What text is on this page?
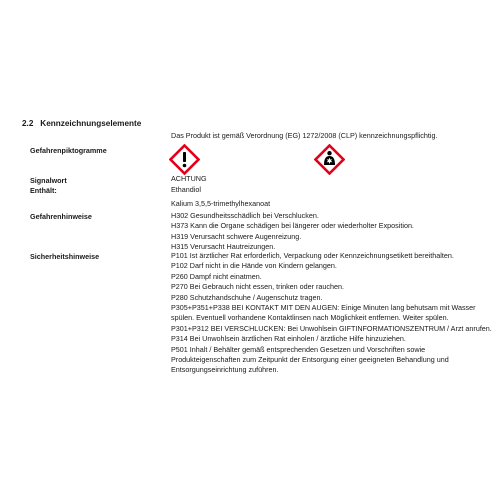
2.2 Kennzeichnungselemente
Das Produkt ist gemäß Verordnung (EG) 1272/2008 (CLP) kennzeichnungspflichtig.
Gefahrenpiktogramme
Signalwort	ACHTUNG
Enthält:	Ethandiol
Kalium 3,5,5-trimethylhexanoat
Gefahrenhinweise	H302 Gesundheitsschädlich bei Verschlucken.
H373 Kann die Organe schädigen bei längerer oder wiederholter Exposition.
H319 Verursacht schwere Augenreizung.
H315 Verursacht Hautreizungen.
Sicherheitshinweise	P101 Ist ärztlicher Rat erforderlich, Verpackung oder Kennzeichnungsetikett bereithalten.
P102 Darf nicht in die Hände von Kindern gelangen.
P260 Dampf nicht einatmen.
P270 Bei Gebrauch nicht essen, trinken oder rauchen.
P280 Schutzhandschuhe / Augenschutz tragen.
P305+P351+P338 BEI KONTAKT MIT DEN AUGEN: Einige Minuten lang behutsam mit Wasser spülen. Eventuell vorhandene Kontaktlinsen nach Möglichkeit entfernen. Weiter spülen.
P301+P312 BEI VERSCHLUCKEN: Bei Unwohlsein GIFTINFORMATIONSZENTRUM / Arzt anrufen.
P314 Bei Unwohlsein ärztlichen Rat einholen / ärztliche Hilfe hinzuziehen.
P501 Inhalt / Behälter gemäß entsprechenden Gesetzen und Vorschriften sowie Produkteigenschaften zum Zeitpunkt der Entsorgung einer geeigneten Behandlung und Entsorgungseinrichtung zuführen.
